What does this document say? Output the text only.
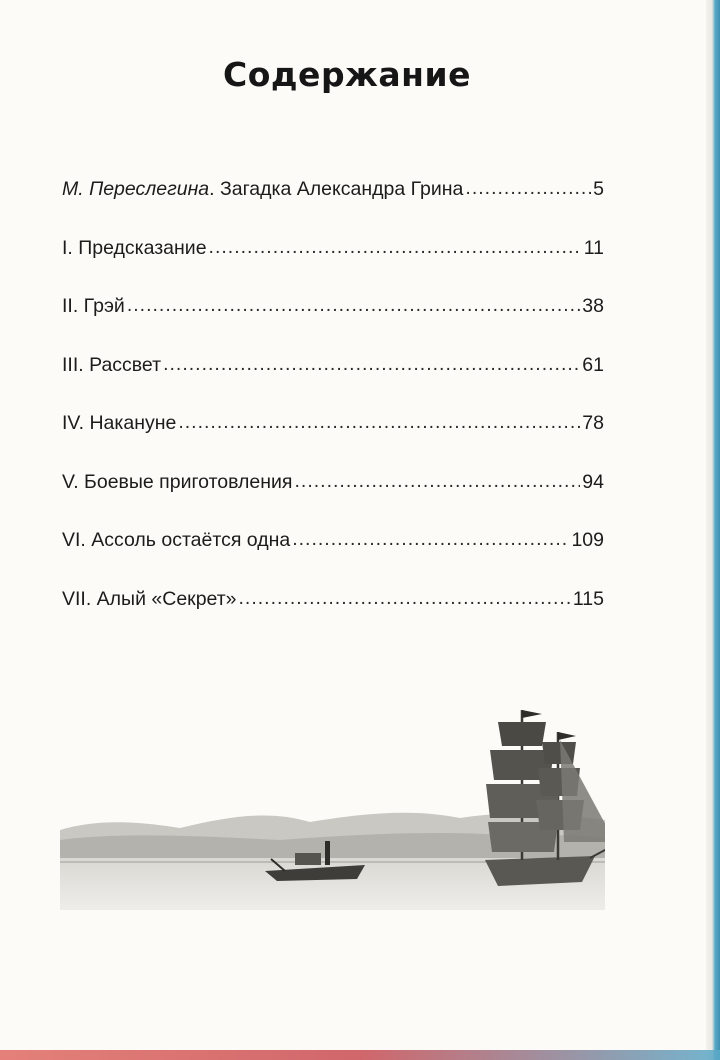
Содержание
М. Переслегина. Загадка Александра Грина .....	5
I. Предсказание .....	11
II. Грэй .....	38
III. Рассвет .....	61
IV. Накануне .....	78
V. Боевые приготовления .....	94
VI. Ассоль остаётся одна .....	109
VII. Алый «Секрет» .....	115
